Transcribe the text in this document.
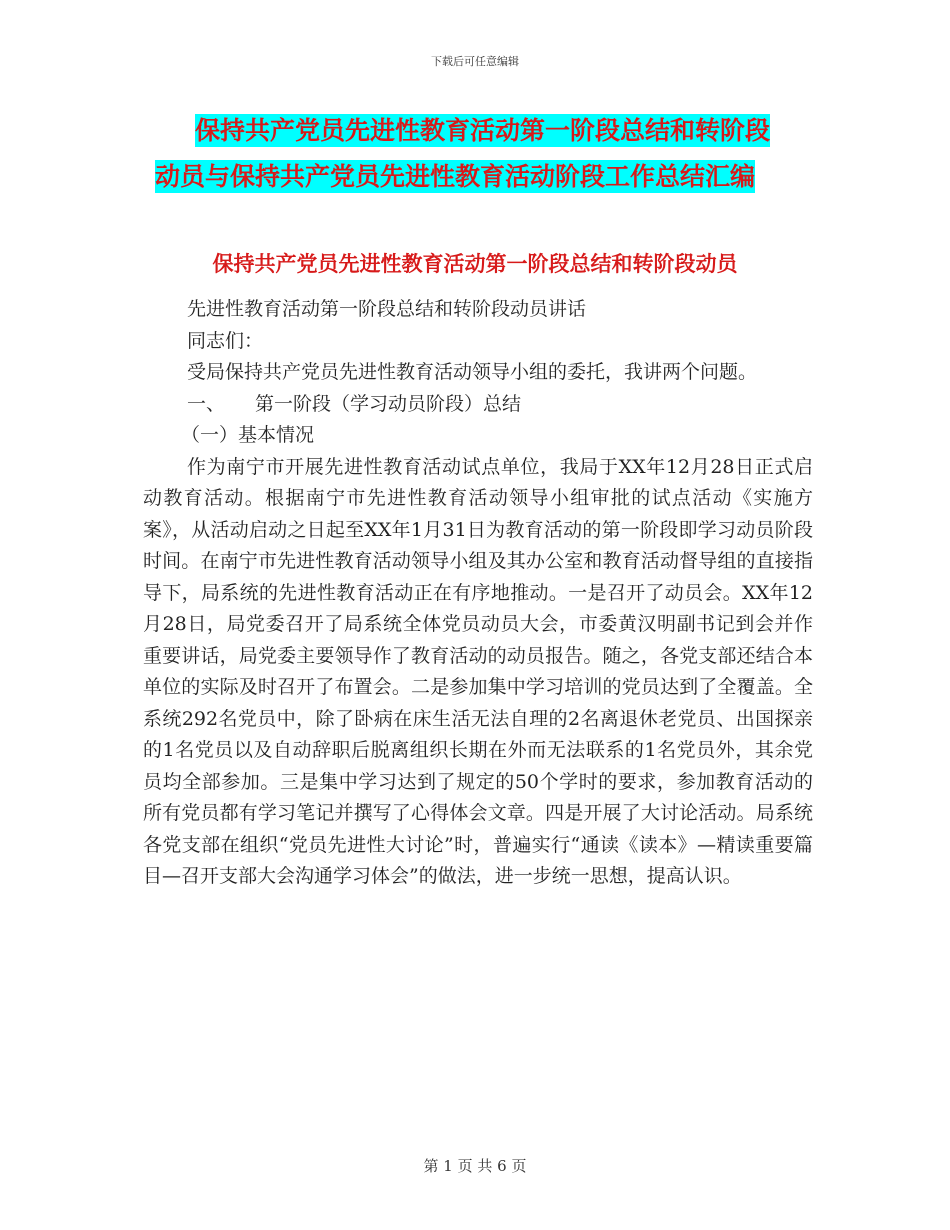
下载后可任意编辑
保持共产党员先进性教育活动第一阶段总结和转阶段
动员与保持共产党员先进性教育活动阶段工作总结汇编
保持共产党员先进性教育活动第一阶段总结和转阶段动员

先进性教育活动第一阶段总结和转阶段动员讲话

同志们：

受局保持共产党员先进性教育活动领导小组的委托，我讲两个问题。

一、 第一阶段（学习动员阶段）总结

（一）基本情况

作为南宁市开展先进性教育活动试点单位，我局于XX年12月28日正式启动教育活动。根据南宁市先进性教育活动领导小组审批的试点活动《实施方案》，从活动启动之日起至XX年1月31日为教育活动的第一阶段即学习动员阶段时间。在南宁市先进性教育活动领导小组及其办公室和教育活动督导组的直接指导下，局系统的先进性教育活动正在有序地推动。一是召开了动员会。XX年12月28日，局党委召开了局系统全体党员动员大会，市委黄汉明副书记到会并作重要讲话，局党委主要领导作了教育活动的动员报告。随之，各党支部还结合本单位的实际及时召开了布置会。二是参加集中学习培训的党员达到了全覆盖。全系统292名党员中，除了卧病在床生活无法自理的2名离退休老党员、出国探亲的1名党员以及自动辞职后脱离组织长期在外而无法联系的1名党员外，其余党员均全部参加。三是集中学习达到了规定的50个学时的要求，参加教育活动的所有党员都有学习笔记并撰写了心得体会文章。四是开展了大讨论活动。局系统各党支部在组织“党员先进性大讨论”时，普遍实行“通读《读本》—精读重要篇目—召开支部大会沟通学习体会”的做法，进一步统一思想，提高认识。

第 1 页 共 6 页
